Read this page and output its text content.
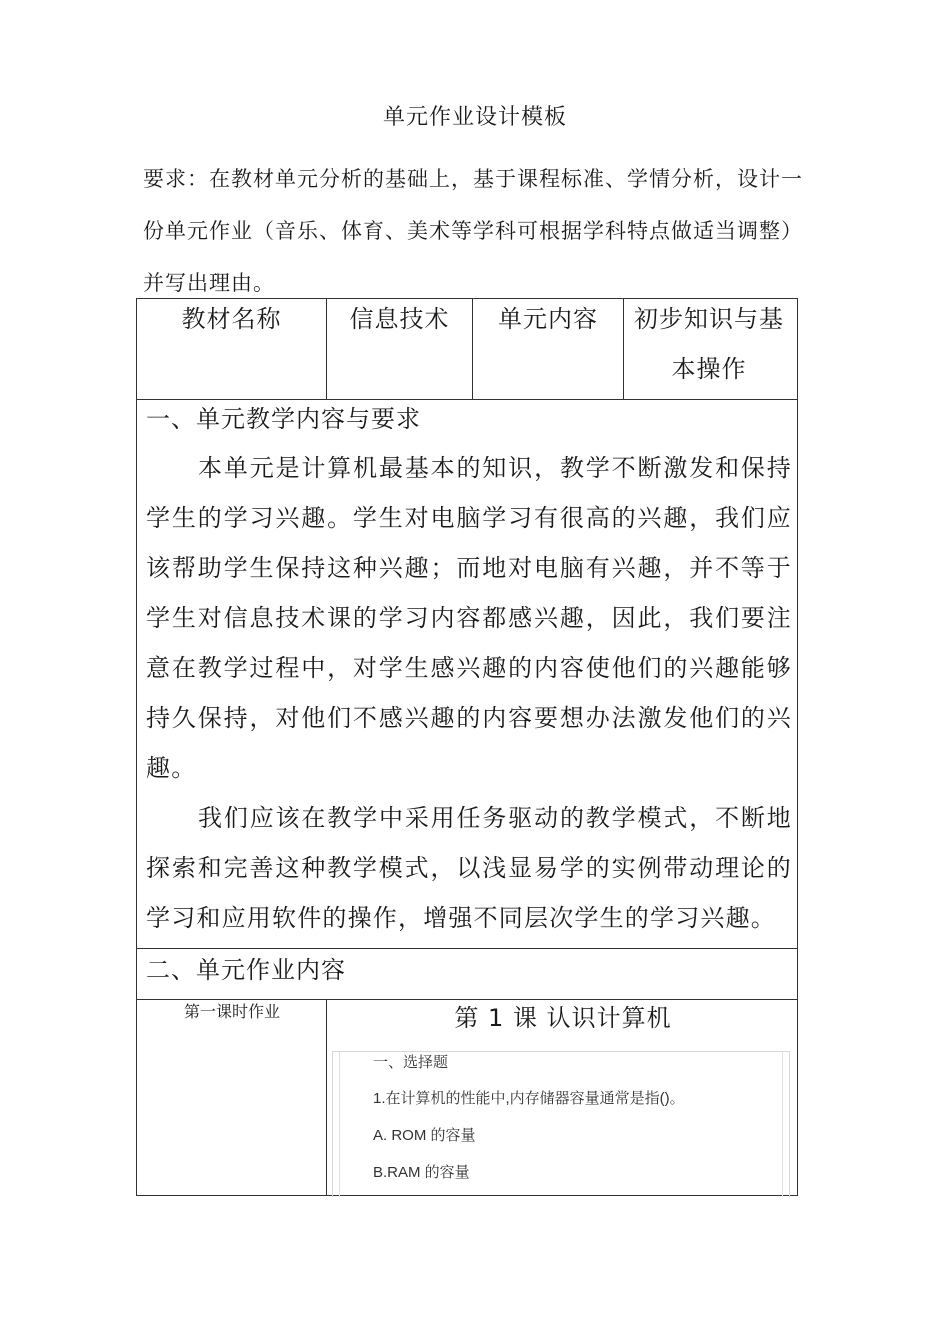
单元作业设计模板
要求：在教材单元分析的基础上，基于课程标准、学情分析，设计一份单元作业（音乐、体育、美术等学科可根据学科特点做适当调整）并写出理由。
教材名称	信息技术	单元内容	初步知识与基本操作
一、单元教学内容与要求
本单元是计算机最基本的知识，教学不断激发和保持学生的学习兴趣。学生对电脑学习有很高的兴趣，我们应该帮助学生保持这种兴趣；而地对电脑有兴趣，并不等于学生对信息技术课的学习内容都感兴趣，因此，我们要注意在教学过程中，对学生感兴趣的内容使他们的兴趣能够持久保持，对他们不感兴趣的内容要想办法激发他们的兴趣。
我们应该在教学中采用任务驱动的教学模式，不断地探索和完善这种教学模式，以浅显易学的实例带动理论的学习和应用软件的操作，增强不同层次学生的学习兴趣。
二、单元作业内容
第一课时作业	第 1 课 认识计算机
一、选择题
1.在计算机的性能中,内存储器容量通常是指()。
A. ROM 的容量
B.RAM 的容量
